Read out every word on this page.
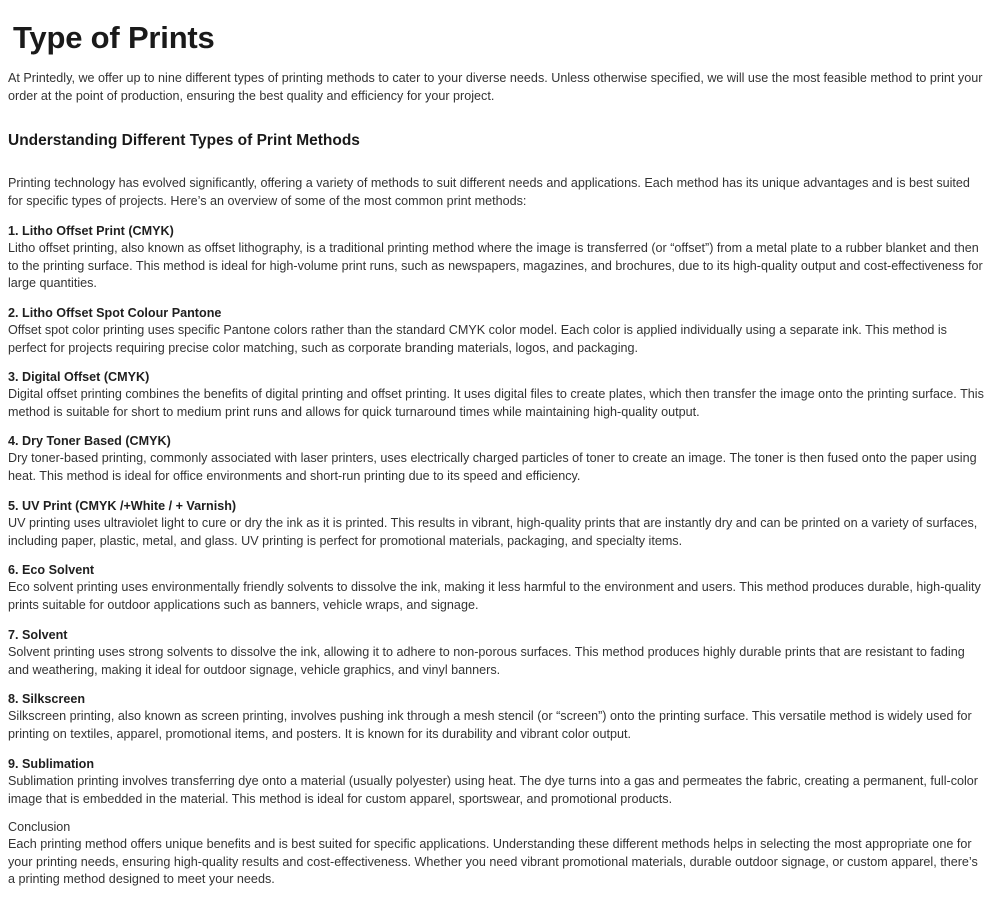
Type of Prints

At Printedly, we offer up to nine different types of printing methods to cater to your diverse needs. Unless otherwise specified, we will use the most feasible method to print your order at the point of production, ensuring the best quality and efficiency for your project.

Understanding Different Types of Print Methods

Printing technology has evolved significantly, offering a variety of methods to suit different needs and applications. Each method has its unique advantages and is best suited for specific types of projects. Here’s an overview of some of the most common print methods:

1. Litho Offset Print (CMYK)
Litho offset printing, also known as offset lithography, is a traditional printing method where the image is transferred (or “offset”) from a metal plate to a rubber blanket and then to the printing surface. This method is ideal for high-volume print runs, such as newspapers, magazines, and brochures, due to its high-quality output and cost-effectiveness for large quantities.
2. Litho Offset Spot Colour Pantone
Offset spot color printing uses specific Pantone colors rather than the standard CMYK color model. Each color is applied individually using a separate ink. This method is perfect for projects requiring precise color matching, such as corporate branding materials, logos, and packaging.
3. Digital Offset (CMYK)
Digital offset printing combines the benefits of digital printing and offset printing. It uses digital files to create plates, which then transfer the image onto the printing surface. This method is suitable for short to medium print runs and allows for quick turnaround times while maintaining high-quality output.
4. Dry Toner Based (CMYK)
Dry toner-based printing, commonly associated with laser printers, uses electrically charged particles of toner to create an image. The toner is then fused onto the paper using heat. This method is ideal for office environments and short-run printing due to its speed and efficiency.
5. UV Print (CMYK /+White / + Varnish)
UV printing uses ultraviolet light to cure or dry the ink as it is printed. This results in vibrant, high-quality prints that are instantly dry and can be printed on a variety of surfaces, including paper, plastic, metal, and glass. UV printing is perfect for promotional materials, packaging, and specialty items.
6. Eco Solvent
Eco solvent printing uses environmentally friendly solvents to dissolve the ink, making it less harmful to the environment and users. This method produces durable, high-quality prints suitable for outdoor applications such as banners, vehicle wraps, and signage.
7. Solvent
Solvent printing uses strong solvents to dissolve the ink, allowing it to adhere to non-porous surfaces. This method produces highly durable prints that are resistant to fading and weathering, making it ideal for outdoor signage, vehicle graphics, and vinyl banners.
8. Silkscreen
Silkscreen printing, also known as screen printing, involves pushing ink through a mesh stencil (or “screen”) onto the printing surface. This versatile method is widely used for printing on textiles, apparel, promotional items, and posters. It is known for its durability and vibrant color output.
9. Sublimation
Sublimation printing involves transferring dye onto a material (usually polyester) using heat. The dye turns into a gas and permeates the fabric, creating a permanent, full-color image that is embedded in the material. This method is ideal for custom apparel, sportswear, and promotional products.
Conclusion
Each printing method offers unique benefits and is best suited for specific applications. Understanding these different methods helps in selecting the most appropriate one for your printing needs, ensuring high-quality results and cost-effectiveness. Whether you need vibrant promotional materials, durable outdoor signage, or custom apparel, there’s a printing method designed to meet your needs.
